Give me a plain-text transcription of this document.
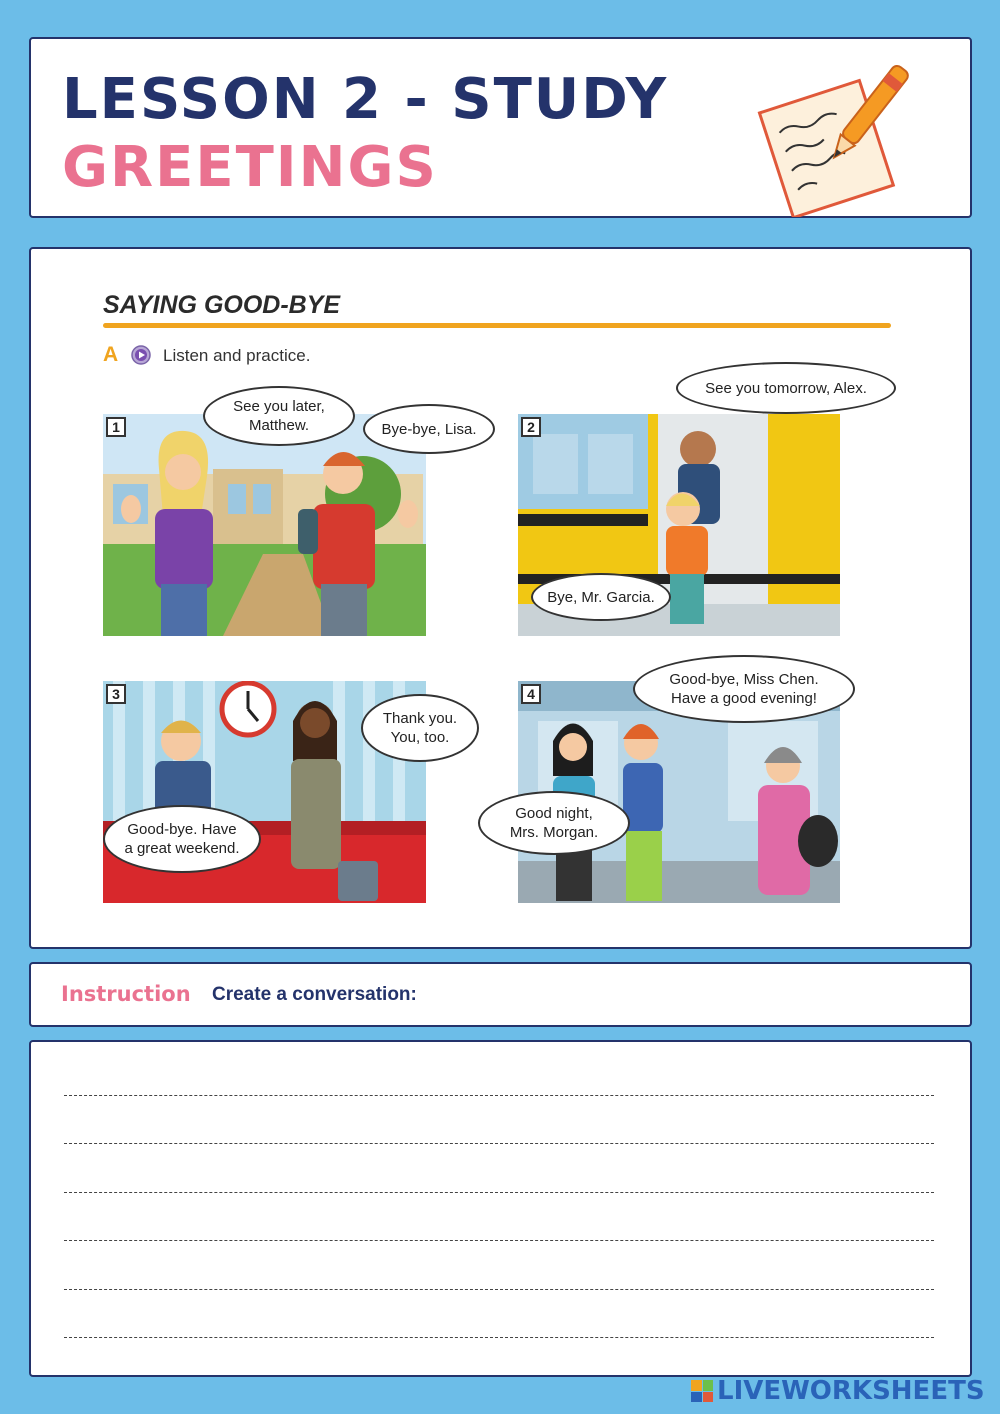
LESSON 2 - STUDY
GREETINGS
SAYING GOOD-BYE
A	Listen and practice.
1
See you later,
Matthew.	Bye-bye, Lisa.	2
See you tomorrow, Alex.
Bye, Mr. Garcia.
3
Thank you.
You, too.
Good-bye. Have
a great weekend.
4
Good-bye, Miss Chen.
Have a good evening!
Good night,
Mrs. Morgan.
Instruction Create a conversation:
LIVEWORKSHEETS
